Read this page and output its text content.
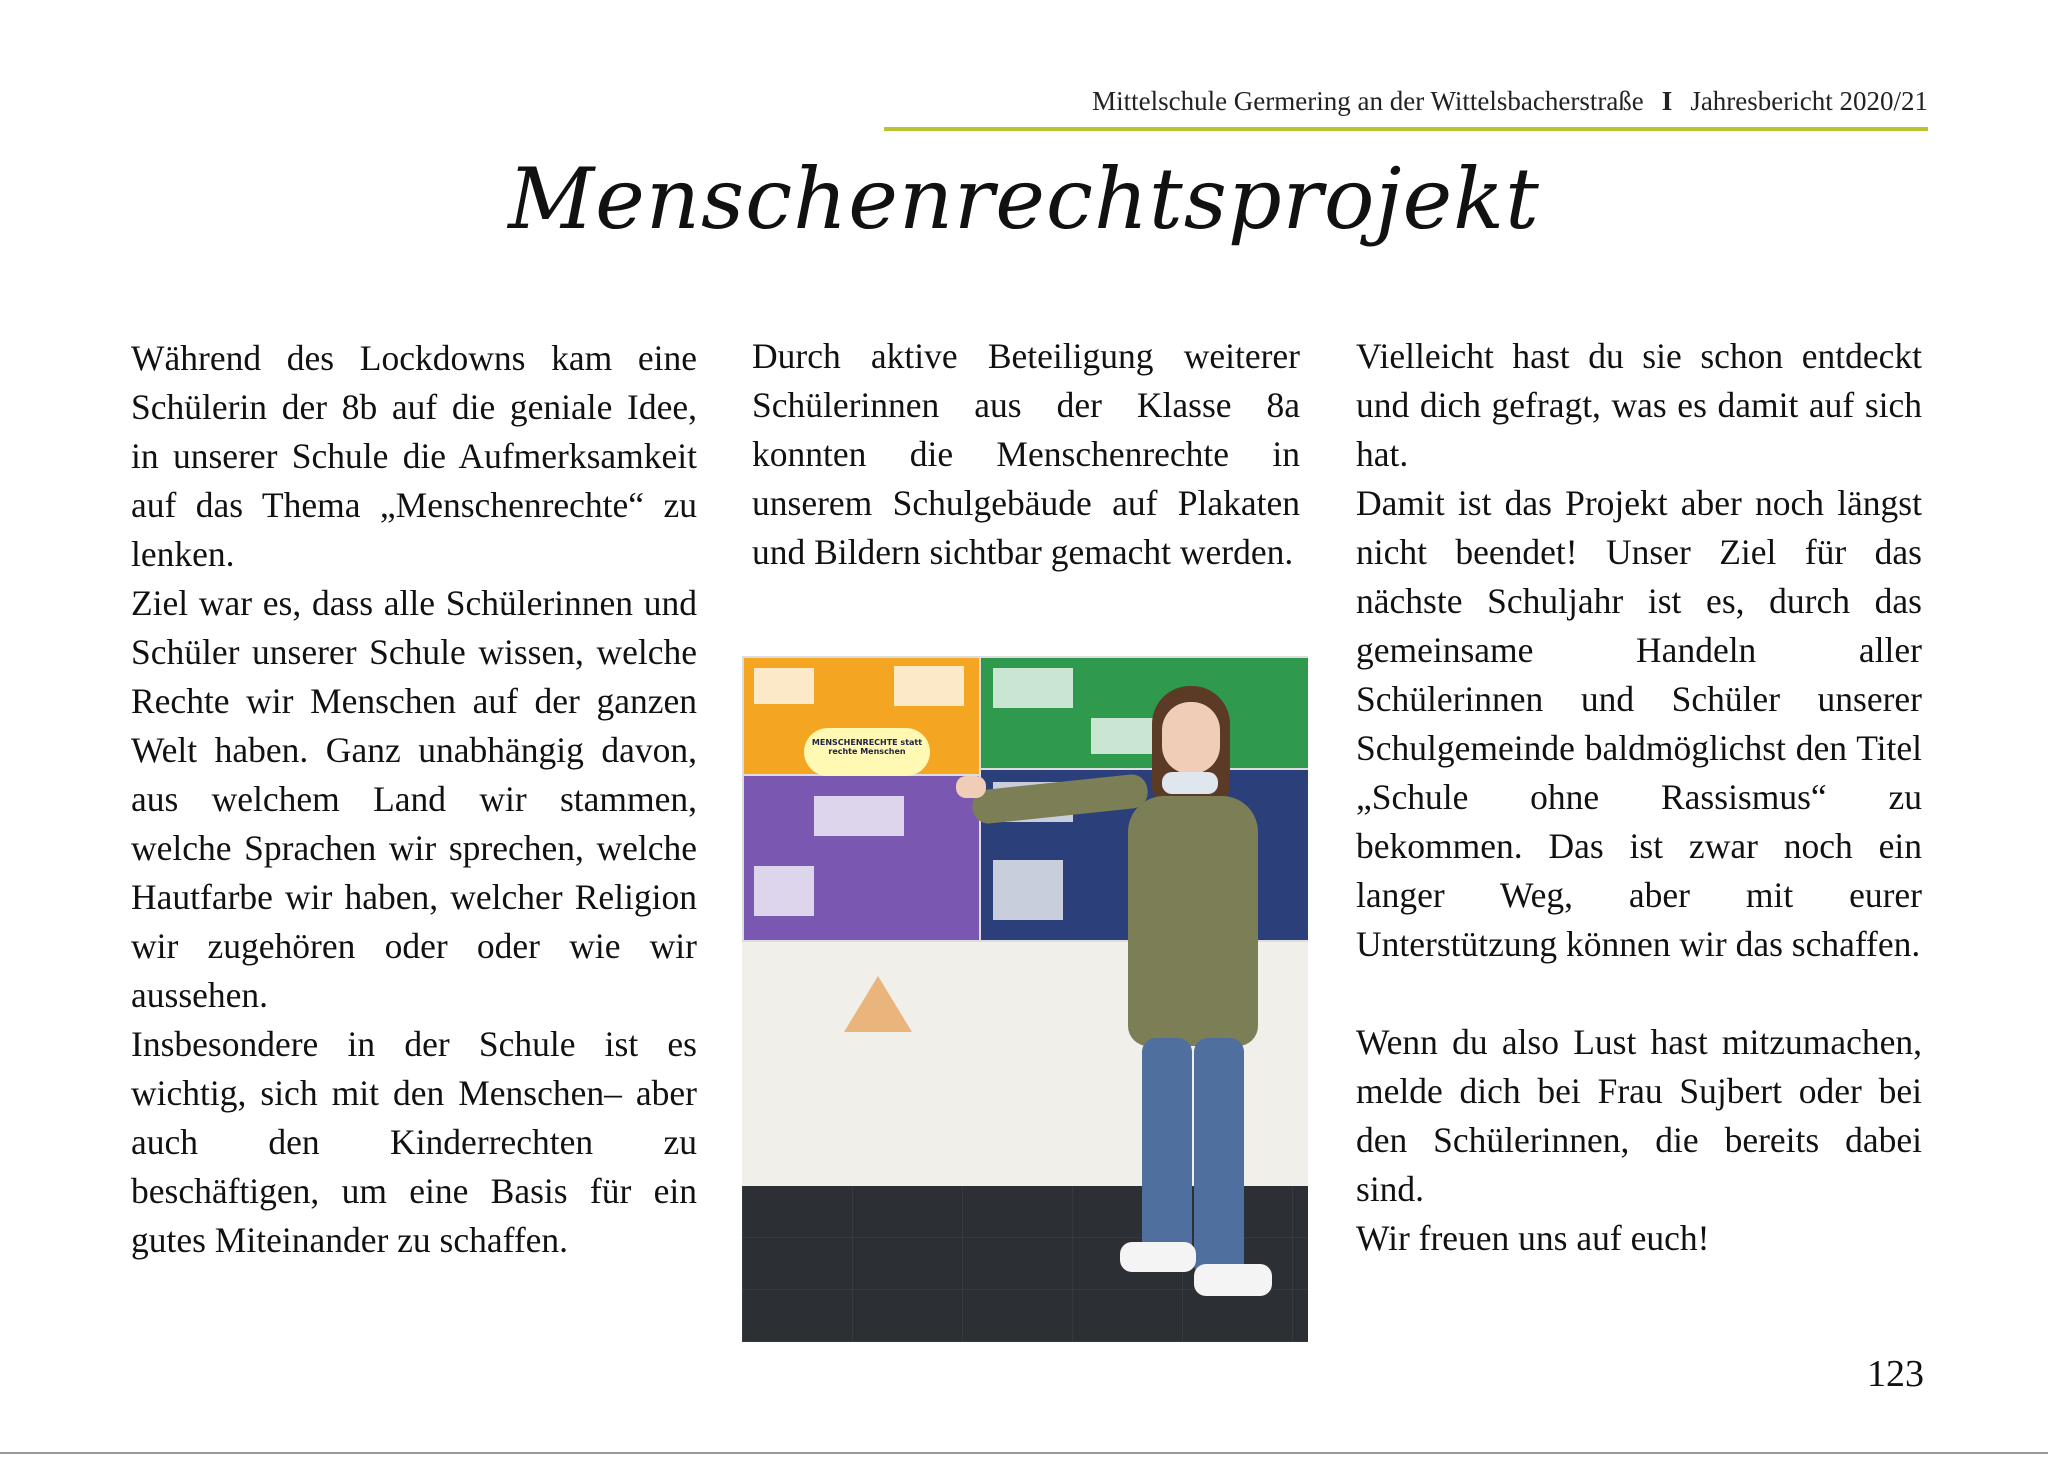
Mittelschule Germering an der Wittelsbacherstraße I Jahresbericht 2020/21
Menschenrechtsprojekt

Während des Lockdowns kam eine Schülerin der 8b auf die geniale Idee, in unserer Schule die Aufmerksamkeit auf das Thema „Menschenrechte“ zu lenken.

Ziel war es, dass alle Schülerinnen und Schüler unserer Schule wissen, welche Rechte wir Menschen auf der ganzen Welt haben. Ganz unabhängig davon, aus welchem Land wir stammen, welche Sprachen wir sprechen, welche Hautfarbe wir haben, welcher Religion wir zugehören oder oder wie wir aussehen.

Insbesondere in der Schule ist es wichtig, sich mit den Menschen– aber auch den Kinderrechten zu beschäftigen, um eine Basis für ein gutes Miteinander zu schaffen.

Durch aktive Beteiligung weiterer Schülerinnen aus der Klasse 8a konnten die Menschenrechte in unserem Schulgebäude auf Plakaten und Bildern sichtbar gemacht werden.

MENSCHENRECHTE statt rechte Menschen

Vielleicht hast du sie schon entdeckt und dich gefragt, was es damit auf sich hat.

Damit ist das Projekt aber noch längst nicht beendet! Unser Ziel für das nächste Schuljahr ist es, durch das gemeinsame Handeln aller Schülerinnen und Schüler unserer Schulgemeinde baldmöglichst den Titel „Schule ohne Rassismus“ zu bekommen. Das ist zwar noch ein langer Weg, aber mit eurer Unterstützung können wir das schaffen.

Wenn du also Lust hast mitzumachen, melde dich bei Frau Sujbert oder bei den Schülerinnen, die bereits dabei sind.

Wir freuen uns auf euch!

123
